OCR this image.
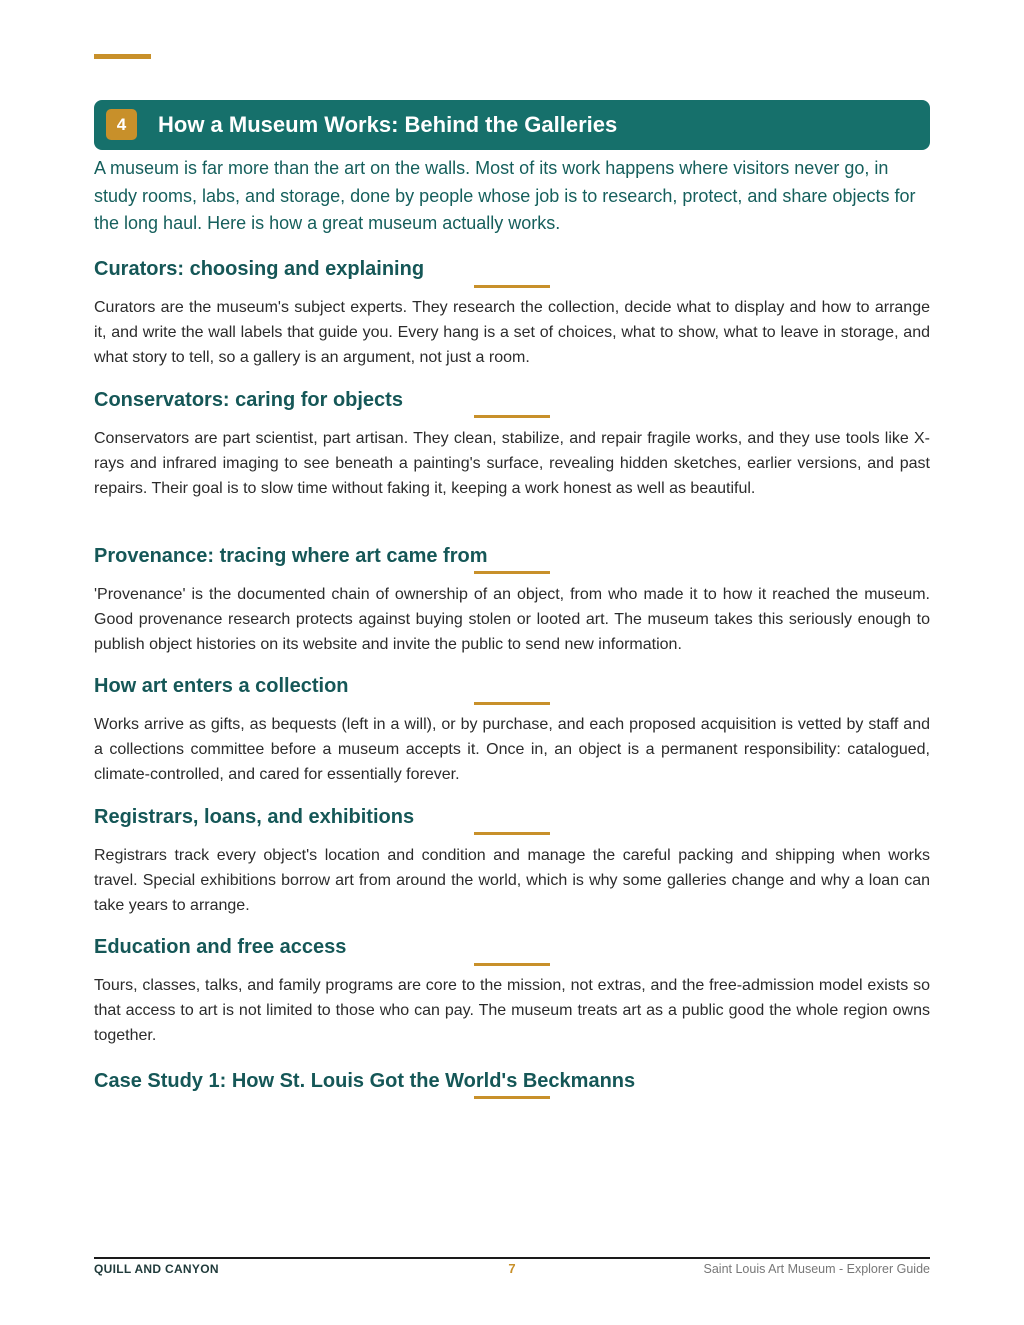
4	How a Museum Works: Behind the Galleries

A museum is far more than the art on the walls. Most of its work happens where visitors never go, in study rooms, labs, and storage, done by people whose job is to research, protect, and share objects for the long haul. Here is how a great museum actually works.

Curators: choosing and explaining

Curators are the museum's subject experts. They research the collection, decide what to display and how to arrange it, and write the wall labels that guide you. Every hang is a set of choices, what to show, what to leave in storage, and what story to tell, so a gallery is an argument, not just a room.

Conservators: caring for objects

Conservators are part scientist, part artisan. They clean, stabilize, and repair fragile works, and they use tools like X-rays and infrared imaging to see beneath a painting's surface, revealing hidden sketches, earlier versions, and past repairs. Their goal is to slow time without faking it, keeping a work honest as well as beautiful.

Provenance: tracing where art came from

'Provenance' is the documented chain of ownership of an object, from who made it to how it reached the museum. Good provenance research protects against buying stolen or looted art. The museum takes this seriously enough to publish object histories on its website and invite the public to send new information.

How art enters a collection

Works arrive as gifts, as bequests (left in a will), or by purchase, and each proposed acquisition is vetted by staff and a collections committee before a museum accepts it. Once in, an object is a permanent responsibility: catalogued, climate-controlled, and cared for essentially forever.

Registrars, loans, and exhibitions

Registrars track every object's location and condition and manage the careful packing and shipping when works travel. Special exhibitions borrow art from around the world, which is why some galleries change and why a loan can take years to arrange.

Education and free access

Tours, classes, talks, and family programs are core to the mission, not extras, and the free-admission model exists so that access to art is not limited to those who can pay. The museum treats art as a public good the whole region owns together.

Case Study 1: How St. Louis Got the World's Beckmanns
QUILL AND CANYON	7	Saint Louis Art Museum - Explorer Guide
